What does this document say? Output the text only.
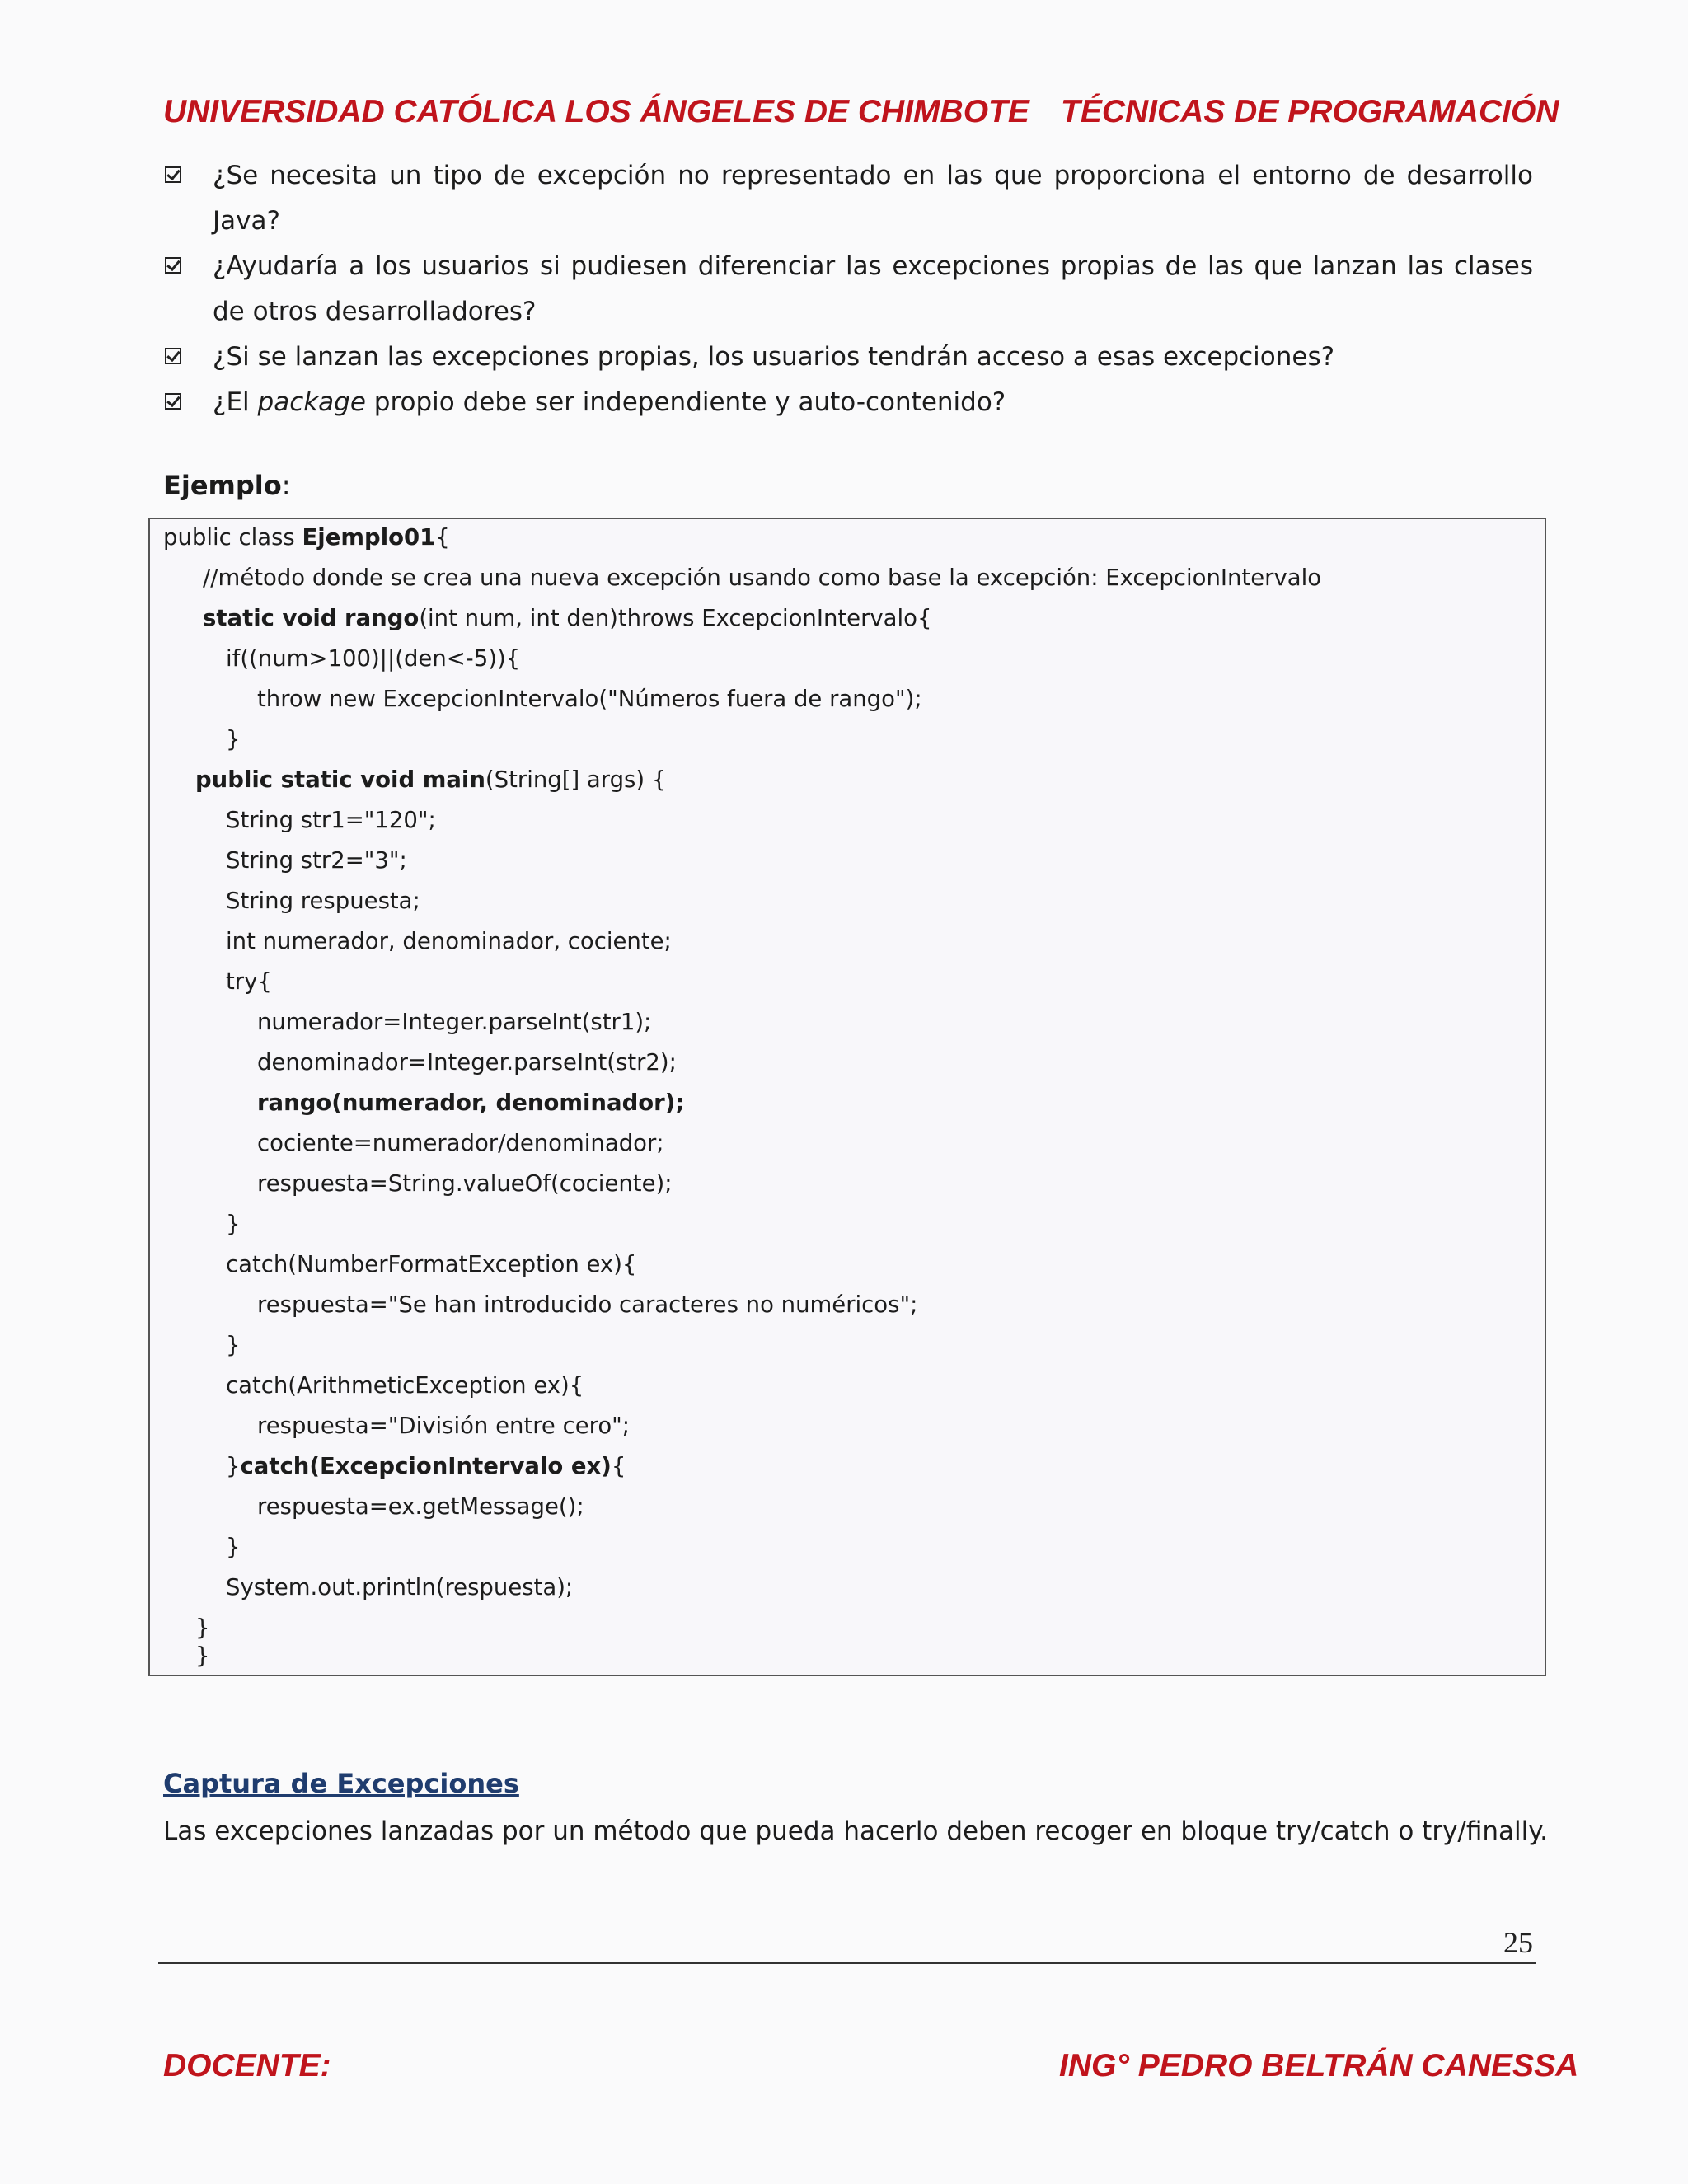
UNIVERSIDAD CATÓLICA LOS ÁNGELES DE CHIMBOTE TÉCNICAS DE PROGRAMACIÓN
¿Se necesita un tipo de excepción no representado en las que proporciona el entorno de desarrollo Java?
¿Ayudaría a los usuarios si pudiesen diferenciar las excepciones propias de las que lanzan las clases de otros desarrolladores?
¿Si se lanzan las excepciones propias, los usuarios tendrán acceso a esas excepciones?
¿El package propio debe ser independiente y auto-contenido?
Ejemplo:
public class Ejemplo01{
//método donde se crea una nueva excepción usando como base la excepción: ExcepcionIntervalo
static void rango(int num, int den)throws ExcepcionIntervalo{
if((num>100)||(den<-5)){
throw new ExcepcionIntervalo("Números fuera de rango");
}
public static void main(String[] args) {
String str1="120";
String str2="3";
String respuesta;
int numerador, denominador, cociente;
try{
numerador=Integer.parseInt(str1);
denominador=Integer.parseInt(str2);
rango(numerador, denominador);
cociente=numerador/denominador;
respuesta=String.valueOf(cociente);
}
catch(NumberFormatException ex){
respuesta="Se han introducido caracteres no numéricos";
}
catch(ArithmeticException ex){
respuesta="División entre cero";
}catch(ExcepcionIntervalo ex){
respuesta=ex.getMessage();
}
System.out.println(respuesta);
}
}
Captura de Excepciones
Las excepciones lanzadas por un método que pueda hacerlo deben recoger en bloque try/catch o try/finally.
25
DOCENTE:	ING° PEDRO BELTRÁN CANESSA
